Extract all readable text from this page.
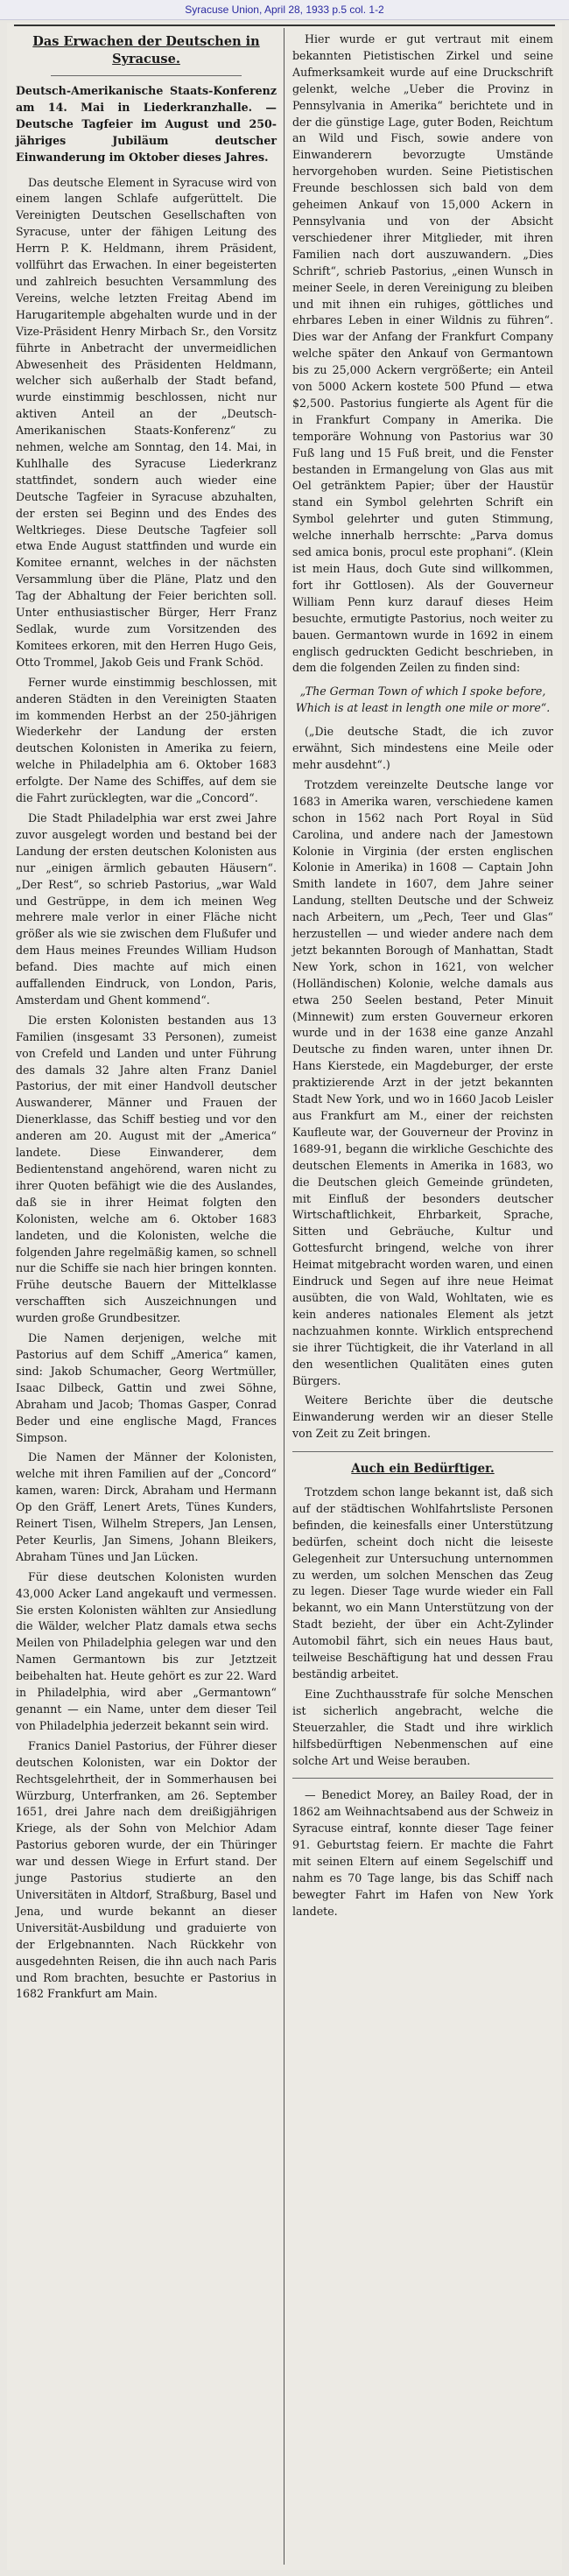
Syracuse Union, April 28, 1933 p.5 col. 1-2
Das Erwachen der Deutschen in Syracuse.

Deutsch-Amerikanische Staats-Konferenz am 14. Mai in Liederkranzhalle. — Deutsche Tagfeier im August und 250-jähriges Jubiläum deutscher Einwanderung im Oktober dieses Jahres.

Das deutsche Element in Syracuse wird von einem langen Schlafe aufgerüttelt. Die Vereinigten Deutschen Gesellschaften von Syracuse, unter der fähigen Leitung des Herrn P. K. Heldmann, ihrem Präsident, vollführt das Erwachen. In einer begeisterten und zahlreich besuchten Versammlung des Vereins, welche letzten Freitag Abend im Harugaritemple abgehalten wurde und in der Vize-Präsident Henry Mirbach Sr., den Vorsitz führte in Anbetracht der unvermeidlichen Abwesenheit des Präsidenten Heldmann, welcher sich außerhalb der Stadt befand, wurde einstimmig beschlossen, nicht nur aktiven Anteil an der „Deutsch-Amerikanischen Staats-Konferenz“ zu nehmen, welche am Sonntag, den 14. Mai, in Kuhlhalle des Syracuse Liederkranz stattfindet, sondern auch wieder eine Deutsche Tagfeier in Syracuse abzuhalten, der ersten sei Beginn und des Endes des Weltkrieges. Diese Deutsche Tagfeier soll etwa Ende August stattfinden und wurde ein Komitee ernannt, welches in der nächsten Versammlung über die Pläne, Platz und den Tag der Abhaltung der Feier berichten soll. Unter enthusiastischer Bürger, Herr Franz Sedlak, wurde zum Vorsitzenden des Komitees erkoren, mit den Herren Hugo Geis, Otto Trommel, Jakob Geis und Frank Schöd.

Ferner wurde einstimmig beschlossen, mit anderen Städten in den Vereinigten Staaten im kommenden Herbst an der 250-jährigen Wiederkehr der Landung der ersten deutschen Kolonisten in Amerika zu feiern, welche in Philadelphia am 6. Oktober 1683 erfolgte. Der Name des Schiffes, auf dem sie die Fahrt zurücklegten, war die „Concord“.

Die Stadt Philadelphia war erst zwei Jahre zuvor ausgelegt worden und bestand bei der Landung der ersten deutschen Kolonisten aus nur „einigen ärmlich gebauten Häusern“. „Der Rest“, so schrieb Pastorius, „war Wald und Gestrüppe, in dem ich meinen Weg mehrere male verlor in einer Fläche nicht größer als wie sie zwischen dem Flußufer und dem Haus meines Freundes William Hudson befand. Dies machte auf mich einen auffallenden Eindruck, von London, Paris, Amsterdam und Ghent kommend“.

Die ersten Kolonisten bestanden aus 13 Familien (insgesamt 33 Personen), zumeist von Crefeld und Landen und unter Führung des damals 32 Jahre alten Franz Daniel Pastorius, der mit einer Handvoll deutscher Auswanderer, Männer und Frauen der Dienerklasse, das Schiff bestieg und vor den anderen am 20. August mit der „America“ landete. Diese Einwanderer, dem Bedientenstand angehörend, waren nicht zu ihrer Quoten befähigt wie die des Auslandes, daß sie in ihrer Heimat folgten den Kolonisten, welche am 6. Oktober 1683 landeten, und die Kolonisten, welche die folgenden Jahre regelmäßig kamen, so schnell nur die Schiffe sie nach hier bringen konnten. Frühe deutsche Bauern der Mittelklasse verschafften sich Auszeichnungen und wurden große Grundbesitzer.

Die Namen derjenigen, welche mit Pastorius auf dem Schiff „America“ kamen, sind: Jakob Schumacher, Georg Wertmüller, Isaac Dilbeck, Gattin und zwei Söhne, Abraham und Jacob; Thomas Gasper, Conrad Beder und eine englische Magd, Frances Simpson.

Die Namen der Männer der Kolonisten, welche mit ihren Familien auf der „Concord“ kamen, waren: Dirck, Abraham und Hermann Op den Gräff, Lenert Arets, Tünes Kunders, Reinert Tisen, Wilhelm Strepers, Jan Lensen, Peter Keurlis, Jan Simens, Johann Bleikers, Abraham Tünes und Jan Lücken.

Für diese deutschen Kolonisten wurden 43,000 Acker Land angekauft und vermessen. Sie ersten Kolonisten wählten zur Ansiedlung die Wälder, welcher Platz damals etwa sechs Meilen von Philadelphia gelegen war und den Namen Germantown bis zur Jetztzeit beibehalten hat. Heute gehört es zur 22. Ward in Philadelphia, wird aber „Germantown“ genannt — ein Name, unter dem dieser Teil von Philadelphia jederzeit bekannt sein wird.

Franics Daniel Pastorius, der Führer dieser deutschen Kolonisten, war ein Doktor der Rechtsgelehrtheit, der in Sommerhausen bei Würzburg, Unterfranken, am 26. September 1651, drei Jahre nach dem dreißigjährigen Kriege, als der Sohn von Melchior Adam Pastorius geboren wurde, der ein Thüringer war und dessen Wiege in Erfurt stand. Der junge Pastorius studierte an den Universitäten in Altdorf, Straßburg, Basel und Jena, und wurde bekannt an dieser Universität-Ausbildung und graduierte von der Erlgebnannten. Nach Rückkehr von ausgedehnten Reisen, die ihn auch nach Paris und Rom brachten, besuchte er Pastorius in 1682 Frankfurt am Main.

Hier wurde er gut vertraut mit einem bekannten Pietistischen Zirkel und seine Aufmerksamkeit wurde auf eine Druckschrift gelenkt, welche „Ueber die Provinz in Pennsylvania in Amerika“ berichtete und in der die günstige Lage, guter Boden, Reichtum an Wild und Fisch, sowie andere von Einwanderern bevorzugte Umstände hervorgehoben wurden. Seine Pietistischen Freunde beschlossen sich bald von dem geheimen Ankauf von 15,000 Ackern in Pennsylvania und von der Absicht verschiedener ihrer Mitglieder, mit ihren Familien nach dort auszuwandern. „Dies Schrift“, schrieb Pastorius, „einen Wunsch in meiner Seele, in deren Vereinigung zu bleiben und mit ihnen ein ruhiges, göttliches und ehrbares Leben in einer Wildnis zu führen“. Dies war der Anfang der Frankfurt Company welche später den Ankauf von Germantown bis zu 25,000 Ackern vergrößerte; ein Anteil von 5000 Ackern kostete 500 Pfund — etwa $2,500. Pastorius fungierte als Agent für die in Frankfurt Company in Amerika. Die temporäre Wohnung von Pastorius war 30 Fuß lang und 15 Fuß breit, und die Fenster bestanden in Ermangelung von Glas aus mit Oel getränktem Papier; über der Haustür stand ein Symbol gelehrten Schrift ein Symbol gelehrter und guten Stimmung, welche innerhalb herrschte: „Parva domus sed amica bonis, procul este prophani“. (Klein ist mein Haus, doch Gute sind willkommen, fort ihr Gottlosen). Als der Gouverneur William Penn kurz darauf dieses Heim besuchte, ermutigte Pastorius, noch weiter zu bauen. Germantown wurde in 1692 in einem englisch gedruckten Gedicht beschrieben, in dem die folgenden Zeilen zu finden sind:

„The German Town of which I spoke before,
Which is at least in length one mile or more“.

(„Die deutsche Stadt, die ich zuvor erwähnt, Sich mindestens eine Meile oder mehr ausdehnt“.)

Trotzdem vereinzelte Deutsche lange vor 1683 in Amerika waren, verschiedene kamen schon in 1562 nach Port Royal in Süd Carolina, und andere nach der Jamestown Kolonie in Virginia (der ersten englischen Kolonie in Amerika) in 1608 — Captain John Smith landete in 1607, dem Jahre seiner Landung, stellten Deutsche und der Schweiz nach Arbeitern, um „Pech, Teer und Glas“ herzustellen — und wieder andere nach dem jetzt bekannten Borough of Manhattan, Stadt New York, schon in 1621, von welcher (Holländischen) Kolonie, welche damals aus etwa 250 Seelen bestand, Peter Minuit (Minnewit) zum ersten Gouverneur erkoren wurde und in der 1638 eine ganze Anzahl Deutsche zu finden waren, unter ihnen Dr. Hans Kierstede, ein Magdeburger, der erste praktizierende Arzt in der jetzt bekannten Stadt New York, und wo in 1660 Jacob Leisler aus Frankfurt am M., einer der reichsten Kaufleute war, der Gouverneur der Provinz in 1689-91, begann die wirkliche Geschichte des deutschen Elements in Amerika in 1683, wo die Deutschen gleich Gemeinde gründeten, mit Einfluß der besonders deutscher Wirtschaftlichkeit, Ehrbarkeit, Sprache, Sitten und Gebräuche, Kultur und Gottesfurcht bringend, welche von ihrer Heimat mitgebracht worden waren, und einen Eindruck und Segen auf ihre neue Heimat ausübten, die von Wald, Wohltaten, wie es kein anderes nationales Element als jetzt nachzuahmen konnte. Wirklich entsprechend sie ihrer Tüchtigkeit, die ihr Vaterland in all den wesentlichen Qualitäten eines guten Bürgers.

Weitere Berichte über die deutsche Einwanderung werden wir an dieser Stelle von Zeit zu Zeit bringen.

Auch ein Bedürftiger.

Trotzdem schon lange bekannt ist, daß sich auf der städtischen Wohlfahrtsliste Personen befinden, die keinesfalls einer Unterstützung bedürfen, scheint doch nicht die leiseste Gelegenheit zur Untersuchung unternommen zu werden, um solchen Menschen das Zeug zu legen. Dieser Tage wurde wieder ein Fall bekannt, wo ein Mann Unterstützung von der Stadt bezieht, der über ein Acht-Zylinder Automobil fährt, sich ein neues Haus baut, teilweise Beschäftigung hat und dessen Frau beständig arbeitet.

Eine Zuchthausstrafe für solche Menschen ist sicherlich angebracht, welche die Steuerzahler, die Stadt und ihre wirklich hilfsbedürftigen Nebenmenschen auf eine solche Art und Weise berauben.

— Benedict Morey, an Bailey Road, der in 1862 am Weihnachtsabend aus der Schweiz in Syracuse eintraf, konnte dieser Tage feiner 91. Geburtstag feiern. Er machte die Fahrt mit seinen Eltern auf einem Segelschiff und nahm es 70 Tage lange, bis das Schiff nach bewegter Fahrt im Hafen von New York landete.
